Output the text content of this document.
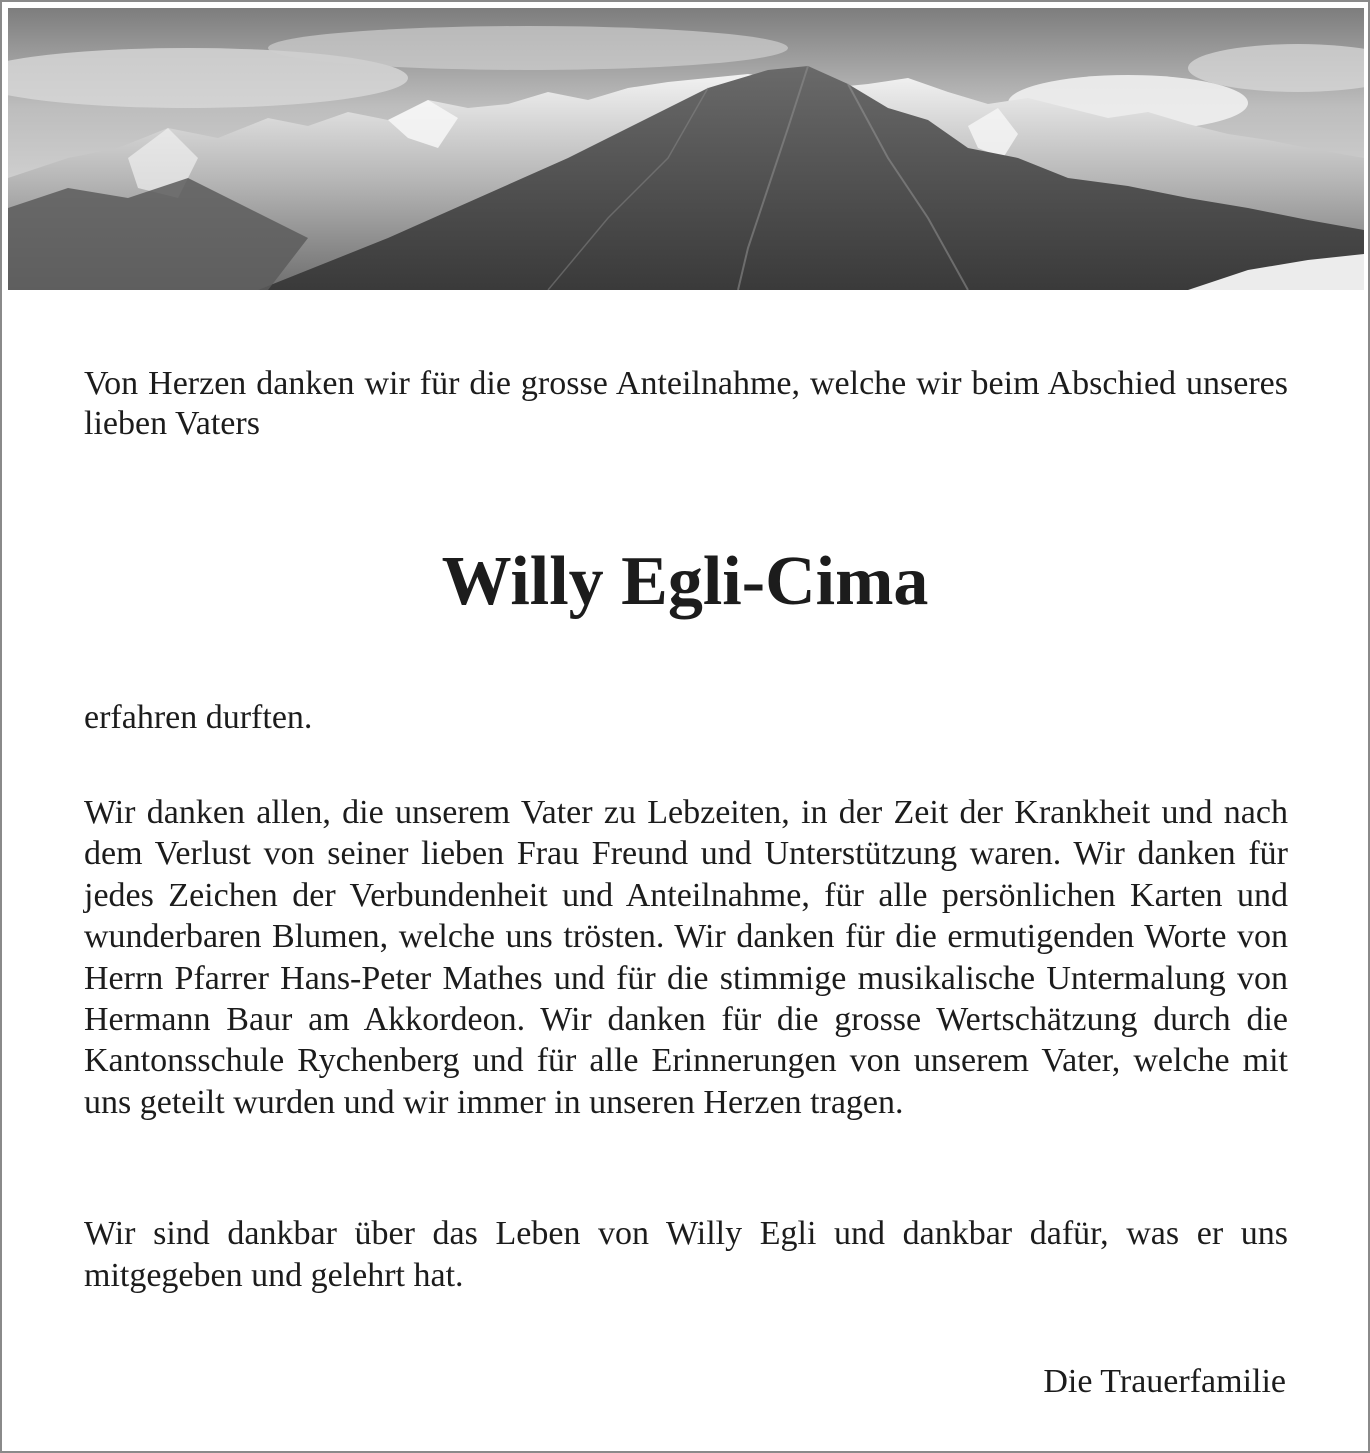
Von Herzen danken wir für die grosse Anteilnahme, welche wir beim Abschied unseres lieben Vaters
Willy Egli-Cima
erfahren durften.
Wir danken allen, die unserem Vater zu Lebzeiten, in der Zeit der Krankheit und nach dem Verlust von seiner lieben Frau Freund und Unterstützung waren. Wir danken für jedes Zeichen der Verbundenheit und Anteilnahme, für alle persönlichen Karten und wunderbaren Blumen, welche uns trösten. Wir danken für die ermutigenden Worte von Herrn Pfarrer Hans-Peter Mathes und für die stimmige musikalische Untermalung von Hermann Baur am Akkordeon. Wir danken für die grosse Wertschätzung durch die Kantonsschule Rychenberg und für alle Erinnerungen von unserem Vater, welche mit uns geteilt wurden und wir immer in unseren Herzen tragen.
Wir sind dankbar über das Leben von Willy Egli und dankbar dafür, was er uns mitgegeben und gelehrt hat.
Die Trauerfamilie
